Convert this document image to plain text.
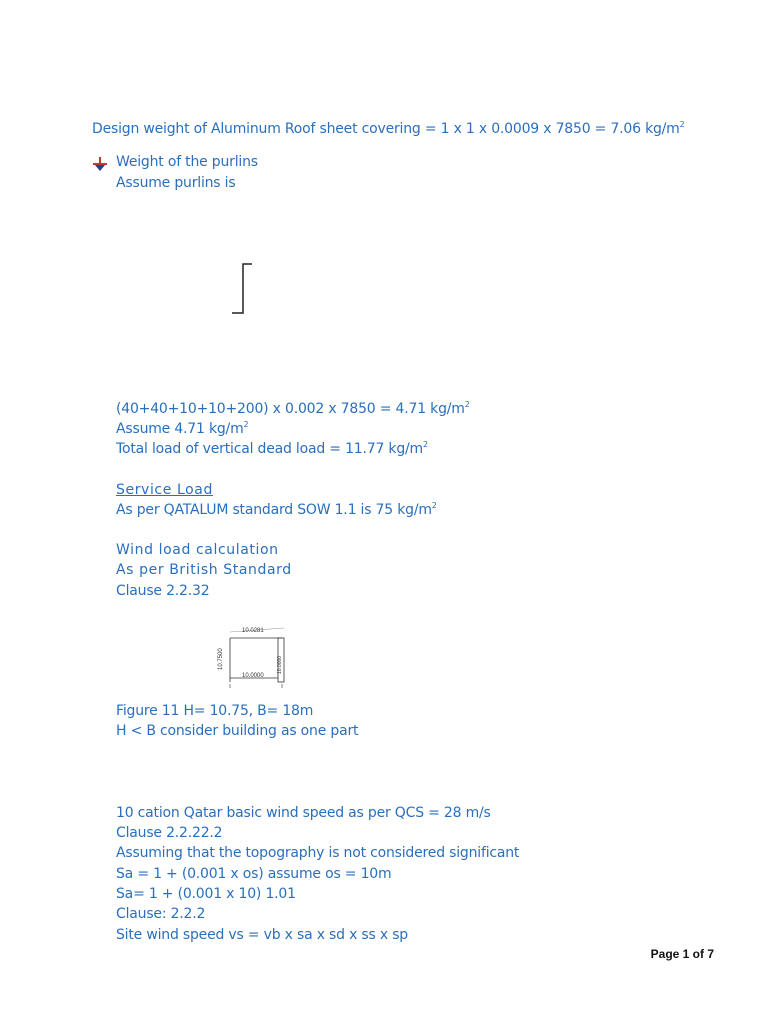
Design weight of Aluminum Roof sheet covering = 1 x 1 x 0.0009 x 7850 = 7.06 $kg/m^2$
Weight of the purlins
Assume purlins is
(40+40+10+10+200) x 0.002 x 7850 = 4.71 $kg/m^2$
Assume 4.71 $kg/m^2$
Total load of vertical dead load = 11.77 $kg/m^2$
Service Load
As per QATALUM standard SOW 1.1 is 75 $kg/m^2$
Wind load calculation
As per British Standard
Clause 2.2.32
10.0281
10.7500	10.0000
10.0000
Figure 11 H= 10.75, B= 18m
H < B consider building as one part
10 cation Qatar basic wind speed as per QCS = 28 m/s
Clause 2.2.22.2
Assuming that the topography is not considered significant
Sa = 1 + (0.001 x os) assume os = 10m
Sa= 1 + (0.001 x 10) 1.01
Clause: 2.2.2
Site wind speed vs = vb x sa x sd x ss x sp
Page 1 of 7
